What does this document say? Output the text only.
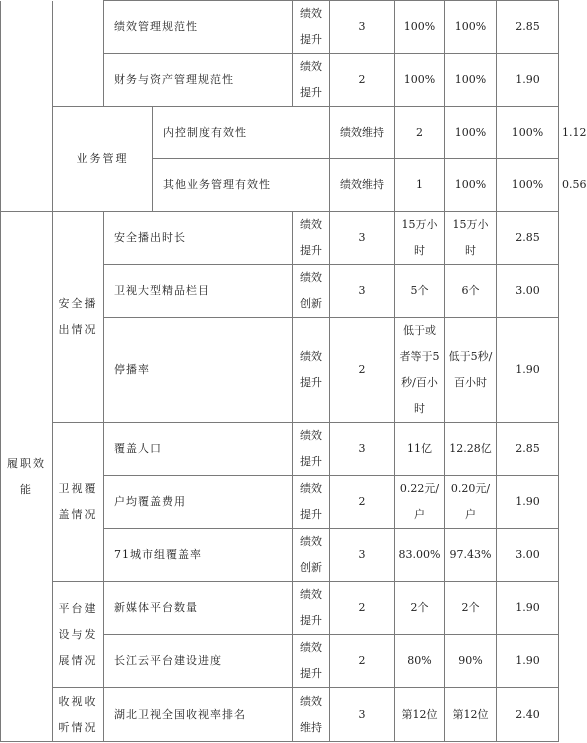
		绩效管理规范性		绩效提升	3	100%	100%	2.85	
		财务与资产管理规范性		绩效提升	2	100%	100%	1.90	
	业务管理		内控制度有效性		绩效维持	2	100%	100%	1.12
			其他业务管理有效性		绩效维持	1	100%	100%	0.56
履职效能	安全播出情况	安全播出时长		绩效提升	3	15万小时	15万小时	2.85	
		卫视大型精品栏目		绩效创新	3	5个	6个	3.00	
		停播率		绩效提升	2	低于或者等于5秒/百小时	低于5秒/百小时	1.90	
	卫视覆盖情况	覆盖人口		绩效提升	3	11亿	12.28亿	2.85	
		户均覆盖费用		绩效提升	2	0.22元/户	0.20元/户	1.90	
		71城市组覆盖率		绩效创新	3	83.00%	97.43%	3.00	
	平台建设与发展情况	新媒体平台数量		绩效提升	2	2个	2个	1.90	
		长江云平台建设进度		绩效提升	2	80%	90%	1.90	
	收视收听情况	湖北卫视全国收视率排名		绩效维持	3	第12位	第12位	2.40	
